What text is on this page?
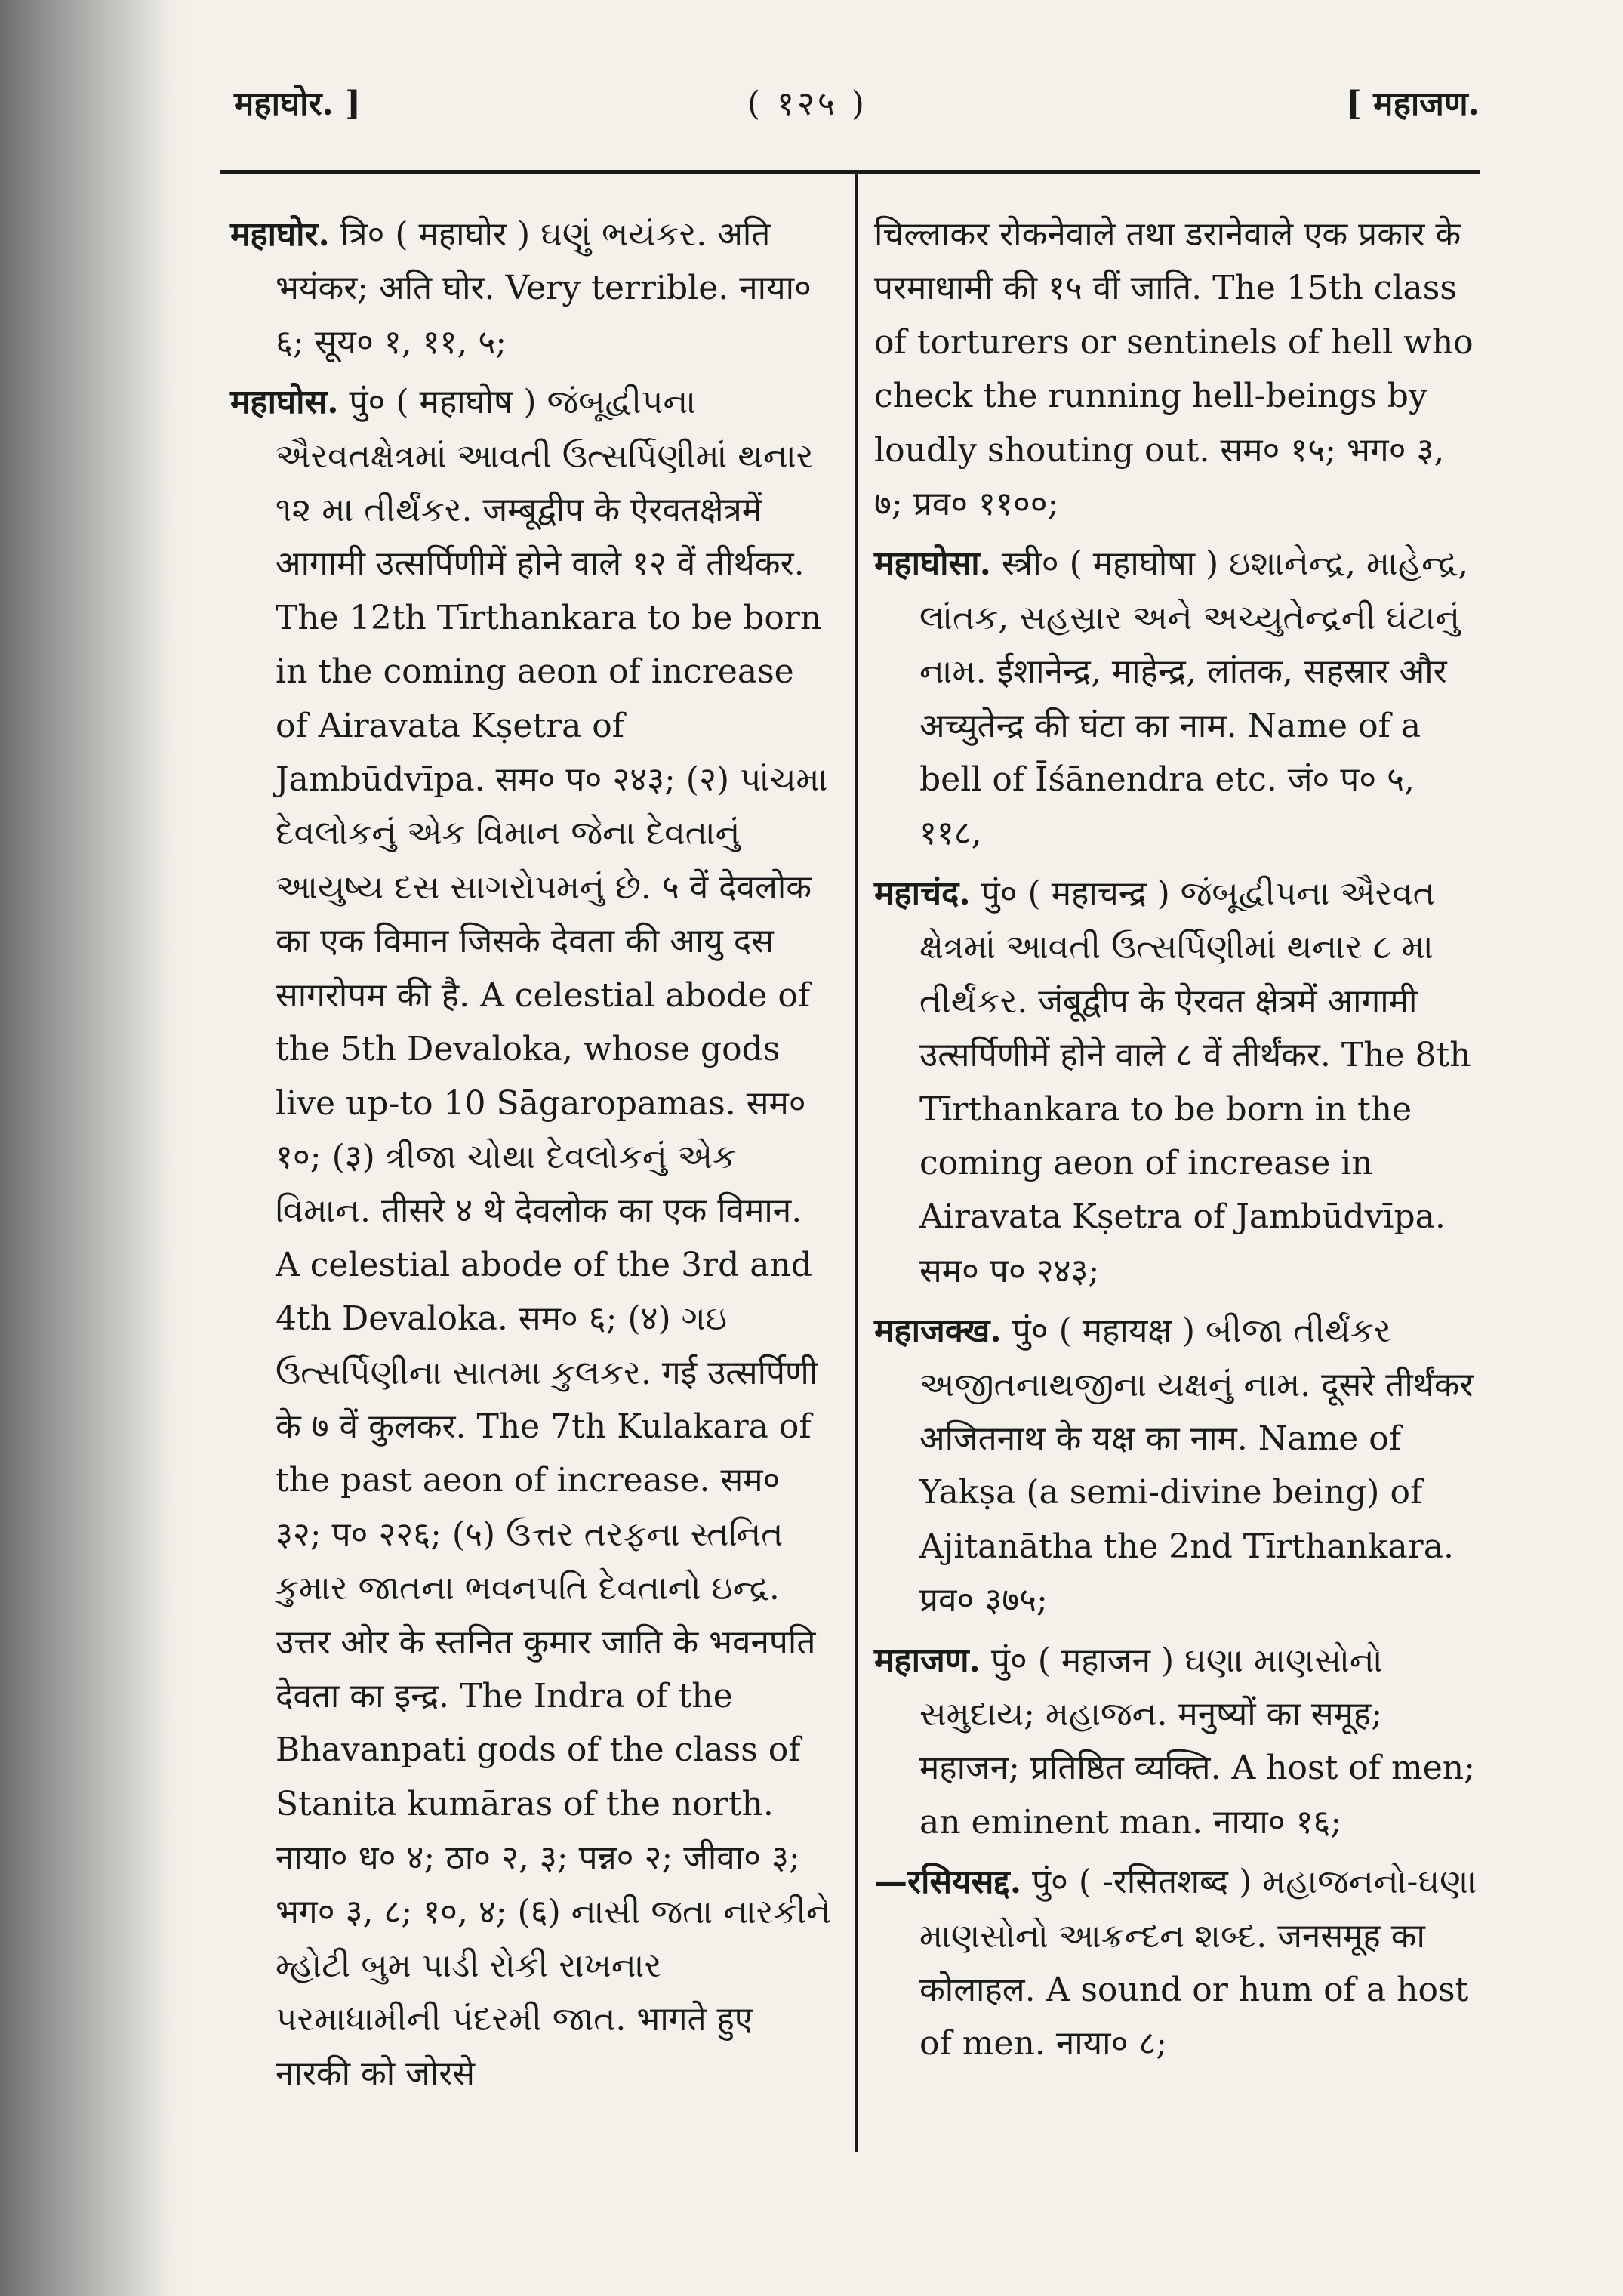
महाघोर. ]	( १२५ )	[ महाजण.

महाघोर. त्रि० ( महाघोर ) ઘણું ભયંકર. अति भयंकर; अति घोर. Very terrible. नाया० ६; सूय० १, ११, ५;

महाघोस. पुं० ( महाघोष ) જંબૂદ્વીપના ઐરવતક્ષેત્રમાં આવતી ઉત્સર્પિણીમાં થનાર ૧૨ મા તીર્થંકર. जम्बूद्वीप के ऐरवतक्षेत्रमें आगामी उत्सर्पिणीमें होने वाले १२ वें तीर्थकर. The 12th Tīrthankara to be born in the coming aeon of increase of Airavata Kṣetra of Jambūdvīpa. सम० प० २४३; (२) પાંચમા દેવલોકનું એક વિમાન જેના દેવતાનું આયુષ્ય દસ સાગરોપમનું છે. ५ वें देवलोक का एक विमान जिसके देवता की आयु दस सागरोपम की है. A celestial abode of the 5th Devaloka, whose gods live up-to 10 Sāgaropamas. सम० १०; (३) ત્રીજા ચોથા દેવલોકનું એક વિમાન. तीसरे ४ थे देवलोक का एक विमान. A celestial abode of the 3rd and 4th Devaloka. सम० ६; (४) ગઇ ઉત્સર્પિણીના સાતમા કુલકર. गई उत्सर्पिणी के ७ वें कुलकर. The 7th Kulakara of the past aeon of increase. सम० ३२; प० २२६; (५) ઉત્તર તરફના સ્તનિત કુમાર જાતના ભવનપતિ દેવતાનો ઇન્દ્ર. उत्तर ओर के स्तनित कुमार जाति के भवनपति देवता का इन्द्र. The Indra of the Bhavanpati gods of the class of Stanita kumāras of the north. नाया० ध० ४; ठा० २, ३; पन्न० २; जीवा० ३; भग० ३, ८; १०, ४; (६) નાસી જતા નારકીને મ્હોટી બુમ પાડી રોકી રાખનાર પરમાધામીની પંદરમી જાત. भागते हुए नारकी को जोरसे

चिल्लाकर रोकनेवाले तथा डरानेवाले एक प्रकार के परमाधामी की १५ वीं जाति. The 15th class of torturers or sentinels of hell who check the running hell-beings by loudly shouting out. सम० १५; भग० ३, ७; प्रव० ११००;

महाघोसा. स्त्री० ( महाघोषा ) ઇશાનેન્દ્ર, માહેન્દ્ર, લાંતક, સહસ્રાર અને અચ્યુતેન્દ્રની ઘંટાનું નામ. ईशानेन्द्र, माहेन्द्र, लांतक, सहस्रार और अच्युतेन्द्र की घंटा का नाम. Name of a bell of Īśānendra etc. जं० प० ५, ११८,

महाचंद. पुं० ( महाचन्द्र ) જંબૂદ્વીપના ઐરવત ક્ષેત્રમાં આવતી ઉત્સર્પિણીમાં થનાર ૮ મા તીર્થંકર. जंबूद्वीप के ऐरवत क्षेत्रमें आगामी उत्सर्पिणीमें होने वाले ८ वें तीर्थंकर. The 8th Tīrthankara to be born in the coming aeon of increase in Airavata Kṣetra of Jambūdvīpa. सम० प० २४३;

महाजक्ख. पुं० ( महायक्ष ) બીજા તીર્થંકર અજીતનાથજીના યક્ષનું નામ. दूसरे तीर्थंकर अजितनाथ के यक्ष का नाम. Name of Yakṣa (a semi-divine being) of Ajitanātha the 2nd Tīrthankara. प्रव० ३७५;

महाजण. पुं० ( महाजन ) ઘણા માણસોનો સમુદાય; મહાજન. मनुष्यों का समूह; महाजन; प्रतिष्ठित व्यक्ति. A host of men; an eminent man. नाया० १६;

—रसियसद्द. पुं० ( -रसितशब्द ) મહાજનનો-ઘણા માણસોનો આક્રન્દન શબ્દ. जनसमूह का कोलाहल. A sound or hum of a host of men. नाया० ८;
